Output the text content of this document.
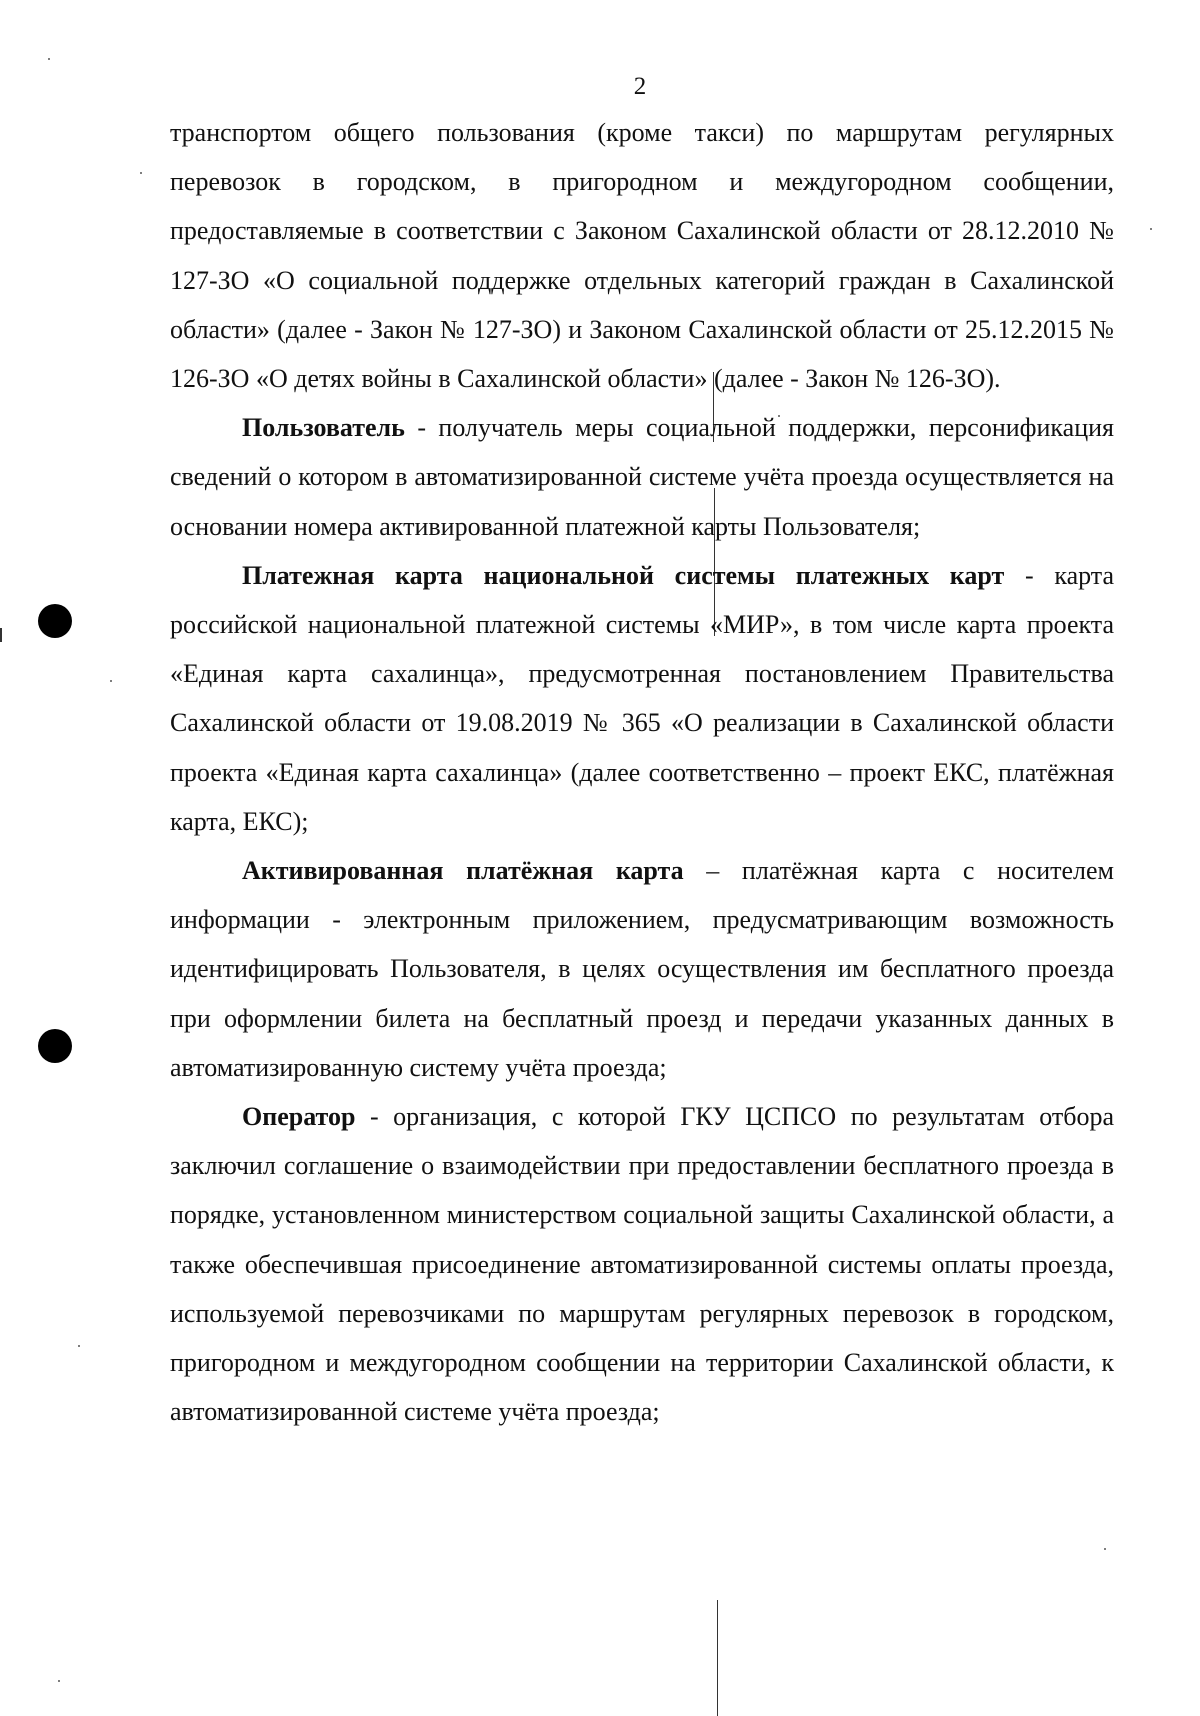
2

транспортом общего пользования (кроме такси) по маршрутам регулярных перевозок в городском, в пригородном и междугородном сообщении, предоставляемые в соответствии с Законом Сахалинской области от 28.12.2010 № 127-ЗО «О социальной поддержке отдельных категорий граждан в Сахалинской области» (далее - Закон № 127-ЗО) и Законом Сахалинской области от 25.12.2015 № 126-ЗО «О детях войны в Сахалинской области» (далее - Закон № 126-ЗО).

Пользователь - получатель меры социальной поддержки, персонификация сведений о котором в автоматизированной системе учёта проезда осуществляется на основании номера активированной платежной карты Пользователя;

Платежная карта национальной системы платежных карт - карта российской национальной платежной системы «МИР», в том числе карта проекта «Единая карта сахалинца», предусмотренная постановлением Правительства Сахалинской области от 19.08.2019 № 365 «О реализации в Сахалинской области проекта «Единая карта сахалинца» (далее соответственно – проект ЕКС, платёжная карта, ЕКС);

Активированная платёжная карта – платёжная карта с носителем информации - электронным приложением, предусматривающим возможность идентифицировать Пользователя, в целях осуществления им бесплатного проезда при оформлении билета на бесплатный проезд и передачи указанных данных в автоматизированную систему учёта проезда;

Оператор - организация, с которой ГКУ ЦСПСО по результатам отбора заключил соглашение о взаимодействии при предоставлении бесплатного проезда в порядке, установленном министерством социальной защиты Сахалинской области, а также обеспечившая присоединение автоматизированной системы оплаты проезда, используемой перевозчиками по маршрутам регулярных перевозок в городском, пригородном и междугородном сообщении на территории Сахалинской области, к автоматизированной системе учёта проезда;
